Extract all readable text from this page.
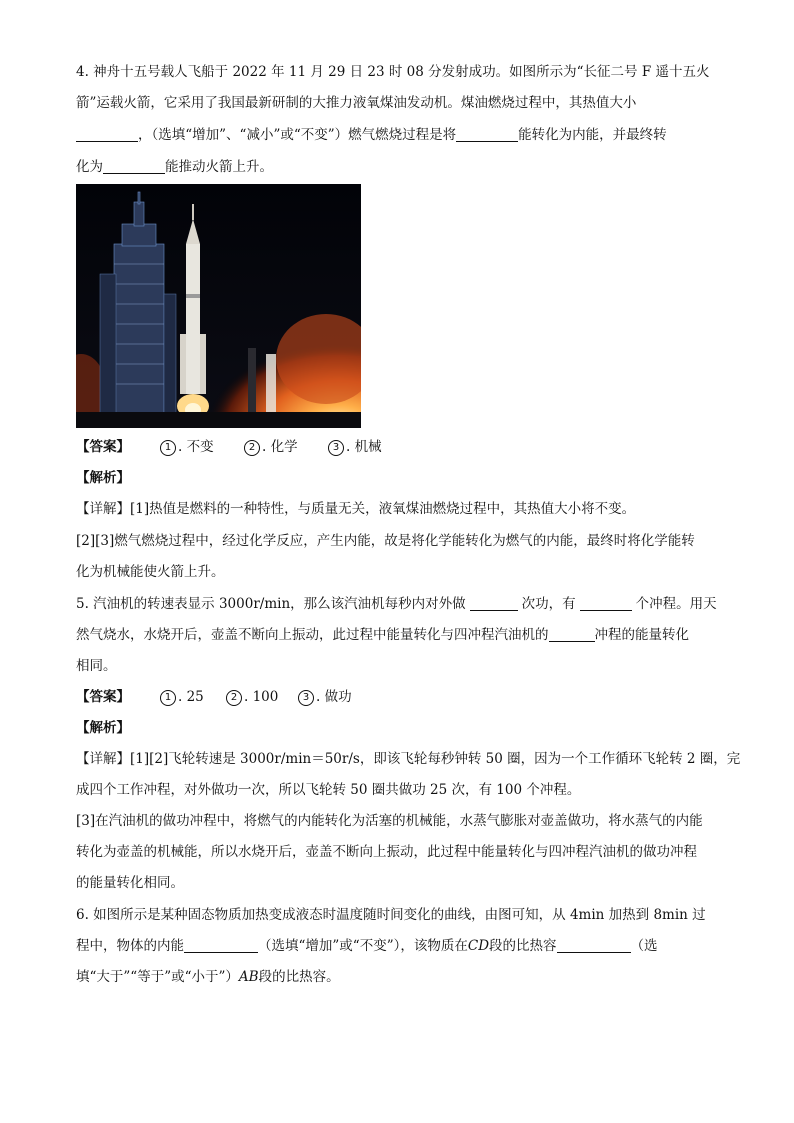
4. 神舟十五号载人飞船于 2022 年 11 月 29 日 23 时 08 分发射成功。如图所示为“长征二号 F 遥十五火
箭”运载火箭，它采用了我国最新研制的大推力液氧煤油发动机。煤油燃烧过程中，其热值大小
，（选填“增加”、“减小”或“不变”）燃气燃烧过程是将	能转化为内能，并最终转
化为	能推动火箭上升。
【答案】	1 . 不变	2 . 化学	3 . 机械
【解析】
【详解】[1]热值是燃料的一种特性，与质量无关，液氧煤油燃烧过程中，其热值大小将不变。
[2][3]燃气燃烧过程中，经过化学反应，产生内能，故是将化学能转化为燃气的内能，最终时将化学能转
化为机械能使火箭上升。
5. 汽油机的转速表显示 3000r/min，那么该汽油机每秒内对外做	次功，有	个冲程。用天
然气烧水，水烧开后，壶盖不断向上振动，此过程中能量转化与四冲程汽油机的	冲程的能量转化
相同。
【答案】	1 . 25	2 . 100	3 . 做功
【解析】
【详解】[1][2]飞轮转速是 3000r/min＝50r/s，即该飞轮每秒钟转 50 圈，因为一个工作循环飞轮转 2 圈，完
成四个工作冲程，对外做功一次，所以飞轮转 50 圈共做功 25 次，有 100 个冲程。
[3]在汽油机的做功冲程中，将燃气的内能转化为活塞的机械能，水蒸气膨胀对壶盖做功，将水蒸气的内能
转化为壶盖的机械能，所以水烧开后，壶盖不断向上振动，此过程中能量转化与四冲程汽油机的做功冲程
的能量转化相同。
6. 如图所示是某种固态物质加热变成液态时温度随时间变化的曲线，由图可知，从 4min 加热到 8min 过
程中，物体的内能	（选填“增加”或“不变”），该物质在CD段的比热容	（选
填“大于”“等于”或“小于”）AB段的比热容。
